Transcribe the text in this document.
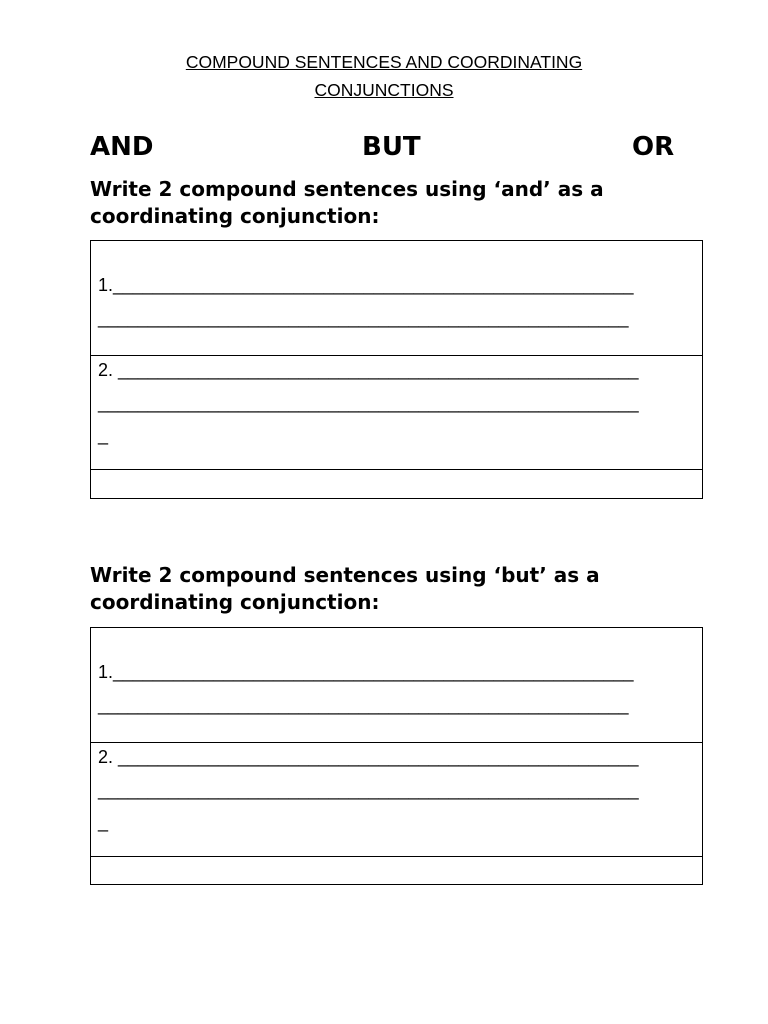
COMPOUND SENTENCES AND COORDINATING
CONJUNCTIONS
AND	BUT	OR
Write 2 compound sentences using ‘and’ as a coordinating conjunction:
1.____________________________________________________
_____________________________________________________
2. ____________________________________________________
______________________________________________________
_
Write 2 compound sentences using ‘but’ as a coordinating conjunction:
1.____________________________________________________
_____________________________________________________
2. ____________________________________________________
______________________________________________________
_
